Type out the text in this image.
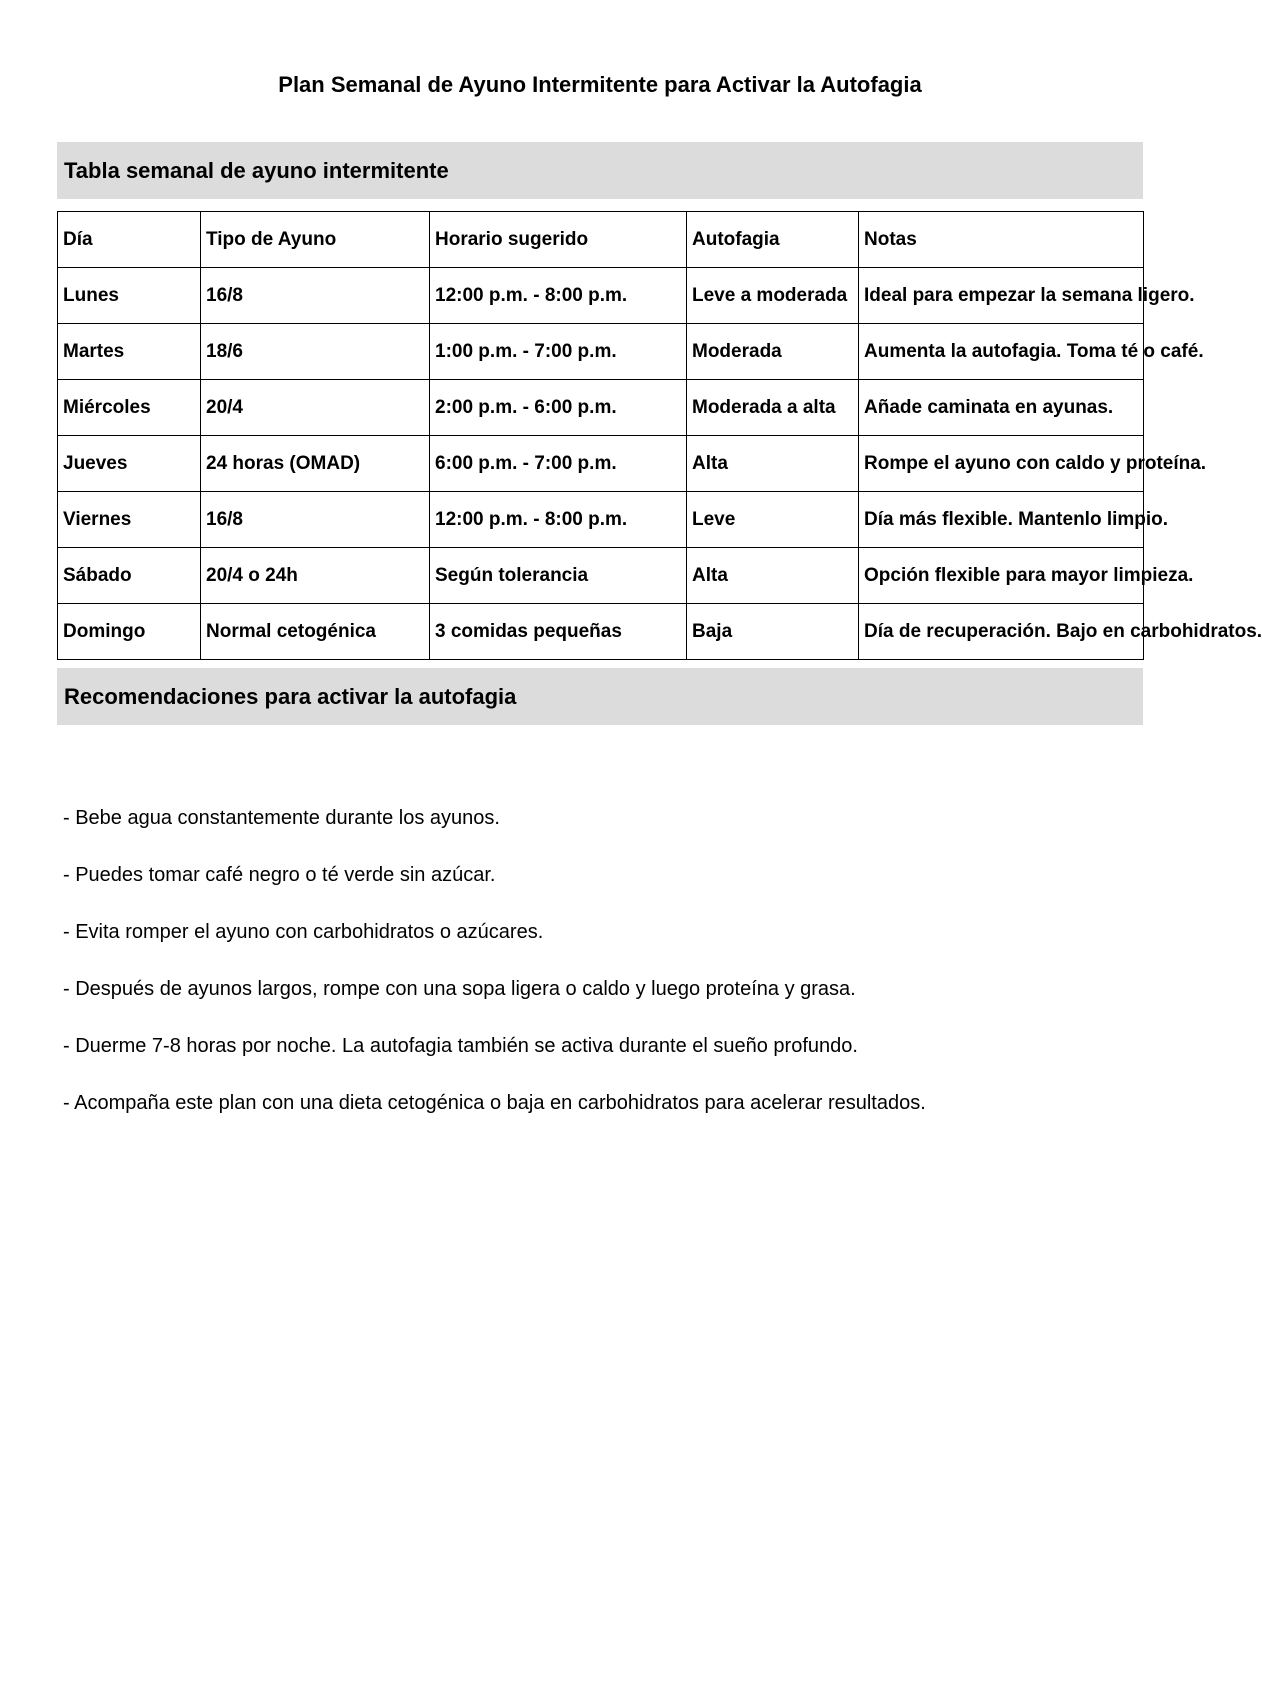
Plan Semanal de Ayuno Intermitente para Activar la Autofagia
Tabla semanal de ayuno intermitente
Día	Tipo de Ayuno	Horario sugerido	Autofagia	Notas
Lunes	16/8	12:00 p.m. - 8:00 p.m.	Leve a moderada	Ideal para empezar la semana ligero.
Martes	18/6	1:00 p.m. - 7:00 p.m.	Moderada	Aumenta la autofagia. Toma té o café.
Miércoles	20/4	2:00 p.m. - 6:00 p.m.	Moderada a alta	Añade caminata en ayunas.
Jueves	24 horas (OMAD)	6:00 p.m. - 7:00 p.m.	Alta	Rompe el ayuno con caldo y proteína.
Viernes	16/8	12:00 p.m. - 8:00 p.m.	Leve	Día más flexible. Mantenlo limpio.
Sábado	20/4 o 24h	Según tolerancia	Alta	Opción flexible para mayor limpieza.
Domingo	Normal cetogénica	3 comidas pequeñas	Baja	Día de recuperación. Bajo en carbohidratos.
Recomendaciones para activar la autofagia
- Bebe agua constantemente durante los ayunos.
- Puedes tomar café negro o té verde sin azúcar.
- Evita romper el ayuno con carbohidratos o azúcares.
- Después de ayunos largos, rompe con una sopa ligera o caldo y luego proteína y grasa.
- Duerme 7-8 horas por noche. La autofagia también se activa durante el sueño profundo.
- Acompaña este plan con una dieta cetogénica o baja en carbohidratos para acelerar resultados.
